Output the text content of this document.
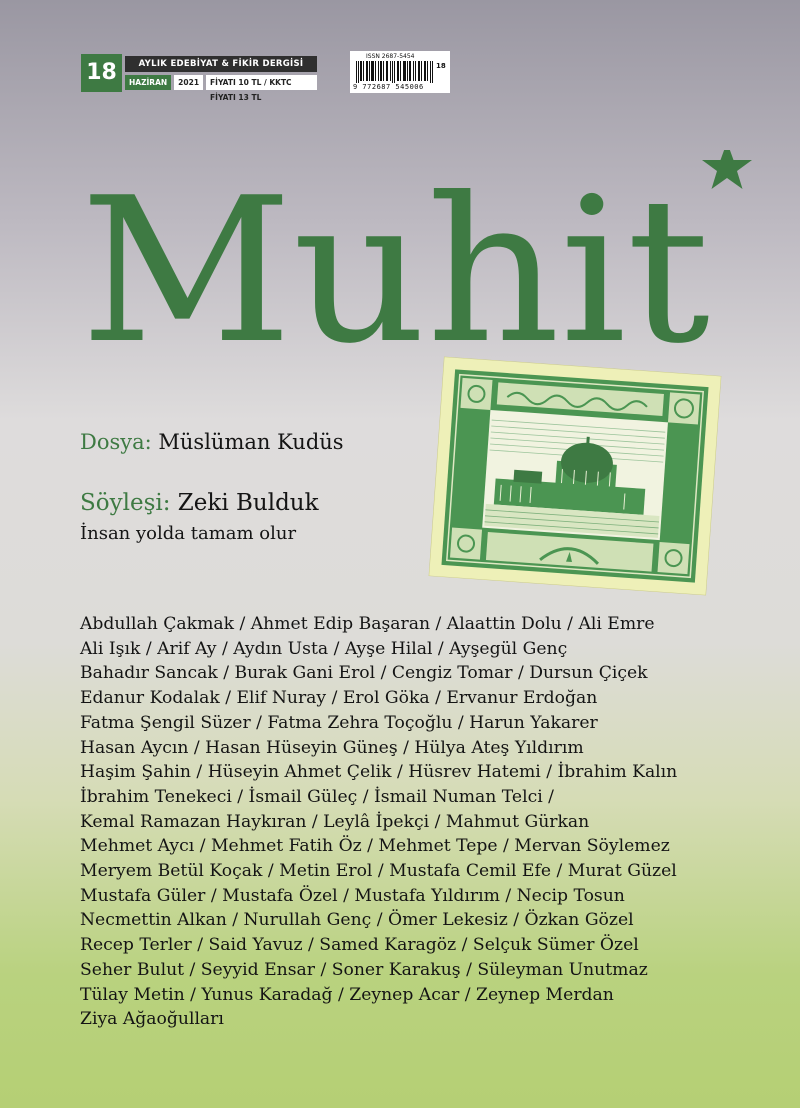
18	AYLIK EDEBİYAT & FİKİR DERGİSİ
HAZİRAN	2021	FİYATI 10 TL / KKTC FİYATI 13 TL
ISSN 2687-5454
9 772687 545006
18
Muhit
Dosya: Müslüman Kudüs
Söyleşi: Zeki Bulduk
İnsan yolda tamam olur
Abdullah Çakmak / Ahmet Edip Başaran / Alaattin Dolu / Ali Emre
Ali Işık / Arif Ay / Aydın Usta / Ayşe Hilal / Ayşegül Genç
Bahadır Sancak / Burak Gani Erol / Cengiz Tomar / Dursun Çiçek
Edanur Kodalak / Elif Nuray / Erol Göka / Ervanur Erdoğan
Fatma Şengil Süzer / Fatma Zehra Toçoğlu / Harun Yakarer
Hasan Aycın / Hasan Hüseyin Güneş / Hülya Ateş Yıldırım
Haşim Şahin / Hüseyin Ahmet Çelik / Hüsrev Hatemi / İbrahim Kalın
İbrahim Tenekeci / İsmail Güleç / İsmail Numan Telci /
Kemal Ramazan Haykıran / Leylâ İpekçi / Mahmut Gürkan
Mehmet Aycı / Mehmet Fatih Öz / Mehmet Tepe / Mervan Söylemez
Meryem Betül Koçak / Metin Erol / Mustafa Cemil Efe / Murat Güzel
Mustafa Güler / Mustafa Özel / Mustafa Yıldırım / Necip Tosun
Necmettin Alkan / Nurullah Genç / Ömer Lekesiz / Özkan Gözel
Recep Terler / Said Yavuz / Samed Karagöz / Selçuk Sümer Özel
Seher Bulut / Seyyid Ensar / Soner Karakuş / Süleyman Unutmaz
Tülay Metin / Yunus Karadağ / Zeynep Acar / Zeynep Merdan
Ziya Ağaoğulları
